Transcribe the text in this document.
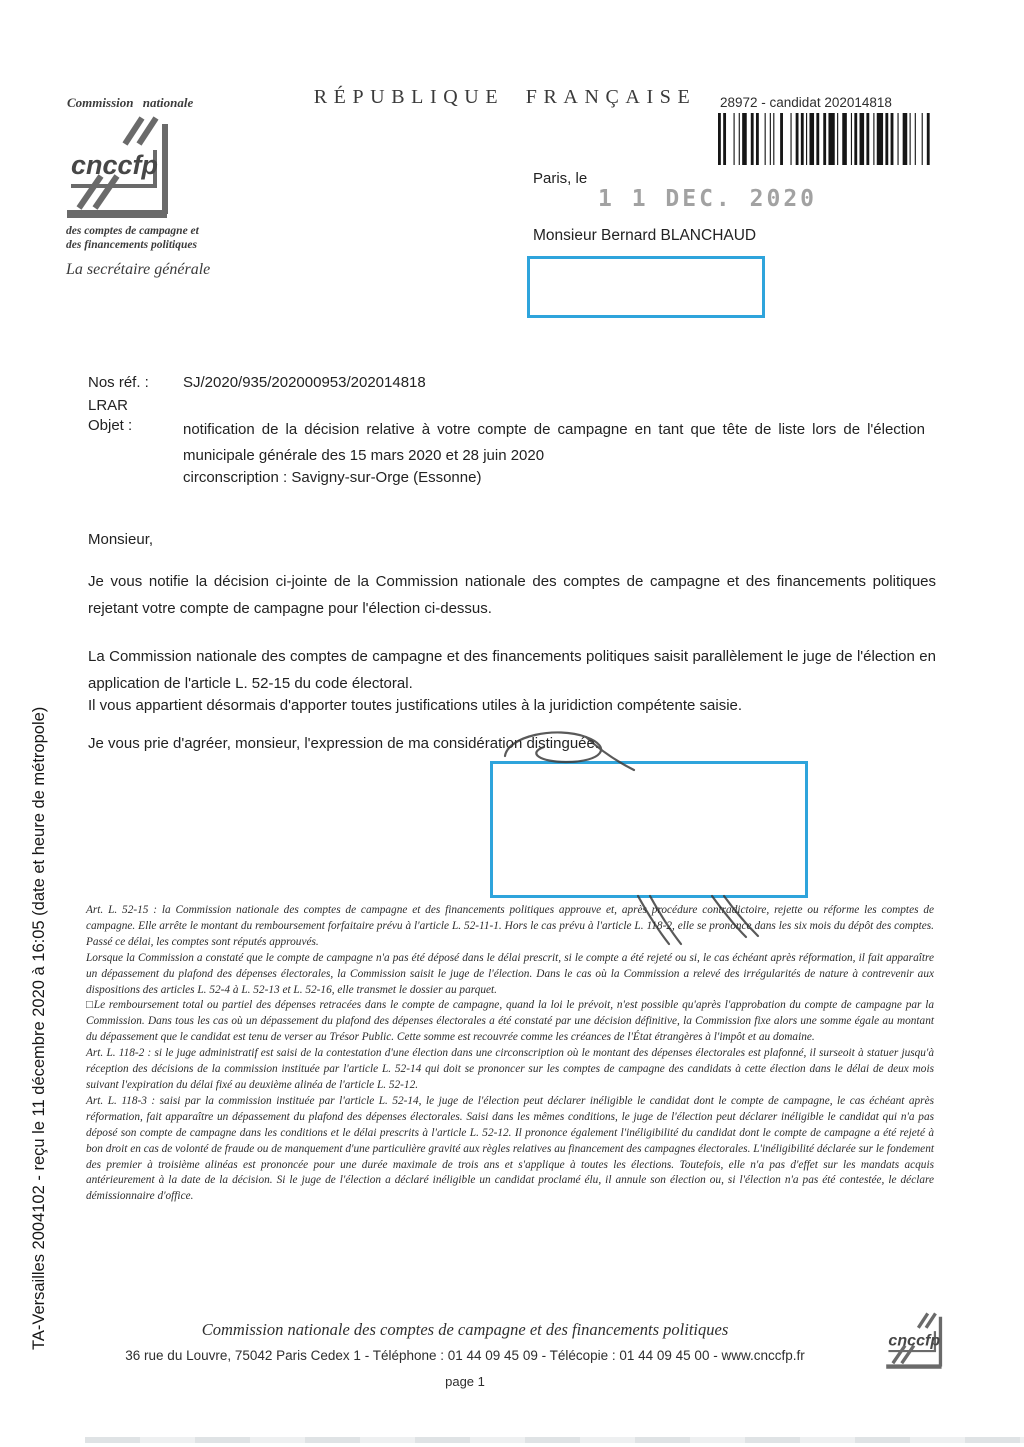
Commission nationale
cnccfp
des comptes de campagne et
des financements politiques
La secrétaire générale
RÉPUBLIQUE FRANÇAISE	28972 - candidat 202014818
Paris, le
1 1 DEC. 2020
Monsieur Bernard BLANCHAUD
Nos réf. : SJ/2020/935/202000953/202014818
LRAR
Objet :	notification de la décision relative à votre compte de campagne en tant que tête de liste lors de l'élection municipale générale des 15 mars 2020 et 28 juin 2020
circonscription : Savigny-sur-Orge (Essonne)
Monsieur,
Je vous notifie la décision ci-jointe de la Commission nationale des comptes de campagne et des financements politiques rejetant votre compte de campagne pour l'élection ci-dessus.
La Commission nationale des comptes de campagne et des financements politiques saisit parallèlement le juge de l'élection en application de l'article L. 52-15 du code électoral.
Il vous appartient désormais d'apporter toutes justifications utiles à la juridiction compétente saisie.
Je vous prie d'agréer, monsieur, l'expression de ma considération distinguée.

Art. L. 52-15 : la Commission nationale des comptes de campagne et des financements politiques approuve et, après procédure contradictoire, rejette ou réforme les comptes de campagne. Elle arrête le montant du remboursement forfaitaire prévu à l'article L. 52-11-1. Hors le cas prévu à l'article L. 118-2, elle se prononce dans les six mois du dépôt des comptes. Passé ce délai, les comptes sont réputés approuvés.

Lorsque la Commission a constaté que le compte de campagne n'a pas été déposé dans le délai prescrit, si le compte a été rejeté ou si, le cas échéant après réformation, il fait apparaître un dépassement du plafond des dépenses électorales, la Commission saisit le juge de l'élection. Dans le cas où la Commission a relevé des irrégularités de nature à contrevenir aux dispositions des articles L. 52-4 à L. 52-13 et L. 52-16, elle transmet le dossier au parquet.

□Le remboursement total ou partiel des dépenses retracées dans le compte de campagne, quand la loi le prévoit, n'est possible qu'après l'approbation du compte de campagne par la Commission. Dans tous les cas où un dépassement du plafond des dépenses électorales a été constaté par une décision définitive, la Commission fixe alors une somme égale au montant du dépassement que le candidat est tenu de verser au Trésor Public. Cette somme est recouvrée comme les créances de l'État étrangères à l'impôt et au domaine.

Art. L. 118-2 : si le juge administratif est saisi de la contestation d'une élection dans une circonscription où le montant des dépenses électorales est plafonné, il surseoit à statuer jusqu'à réception des décisions de la commission instituée par l'article L. 52-14 qui doit se prononcer sur les comptes de campagne des candidats à cette élection dans le délai de deux mois suivant l'expiration du délai fixé au deuxième alinéa de l'article L. 52-12.

Art. L. 118-3 : saisi par la commission instituée par l'article L. 52-14, le juge de l'élection peut déclarer inéligible le candidat dont le compte de campagne, le cas échéant après réformation, fait apparaître un dépassement du plafond des dépenses électorales. Saisi dans les mêmes conditions, le juge de l'élection peut déclarer inéligible le candidat qui n'a pas déposé son compte de campagne dans les conditions et le délai prescrits à l'article L. 52-12. Il prononce également l'inéligibilité du candidat dont le compte de campagne a été rejeté à bon droit en cas de volonté de fraude ou de manquement d'une particulière gravité aux règles relatives au financement des campagnes électorales. L'inéligibilité déclarée sur le fondement des premier à troisième alinéas est prononcée pour une durée maximale de trois ans et s'applique à toutes les élections. Toutefois, elle n'a pas d'effet sur les mandats acquis antérieurement à la date de la décision. Si le juge de l'élection a déclaré inéligible un candidat proclamé élu, il annule son élection ou, si l'élection n'a pas été contestée, le déclare démissionnaire d'office.

TA-Versailles 2004102 - reçu le 11 décembre 2020 à 16:05 (date et heure de métropole)	Commission nationale des comptes de campagne et des financements politiques
36 rue du Louvre, 75042 Paris Cedex 1 - Téléphone : 01 44 09 45 09 - Télécopie : 01 44 09 45 00 - www.cnccfp.fr
page 1
cnccfp
